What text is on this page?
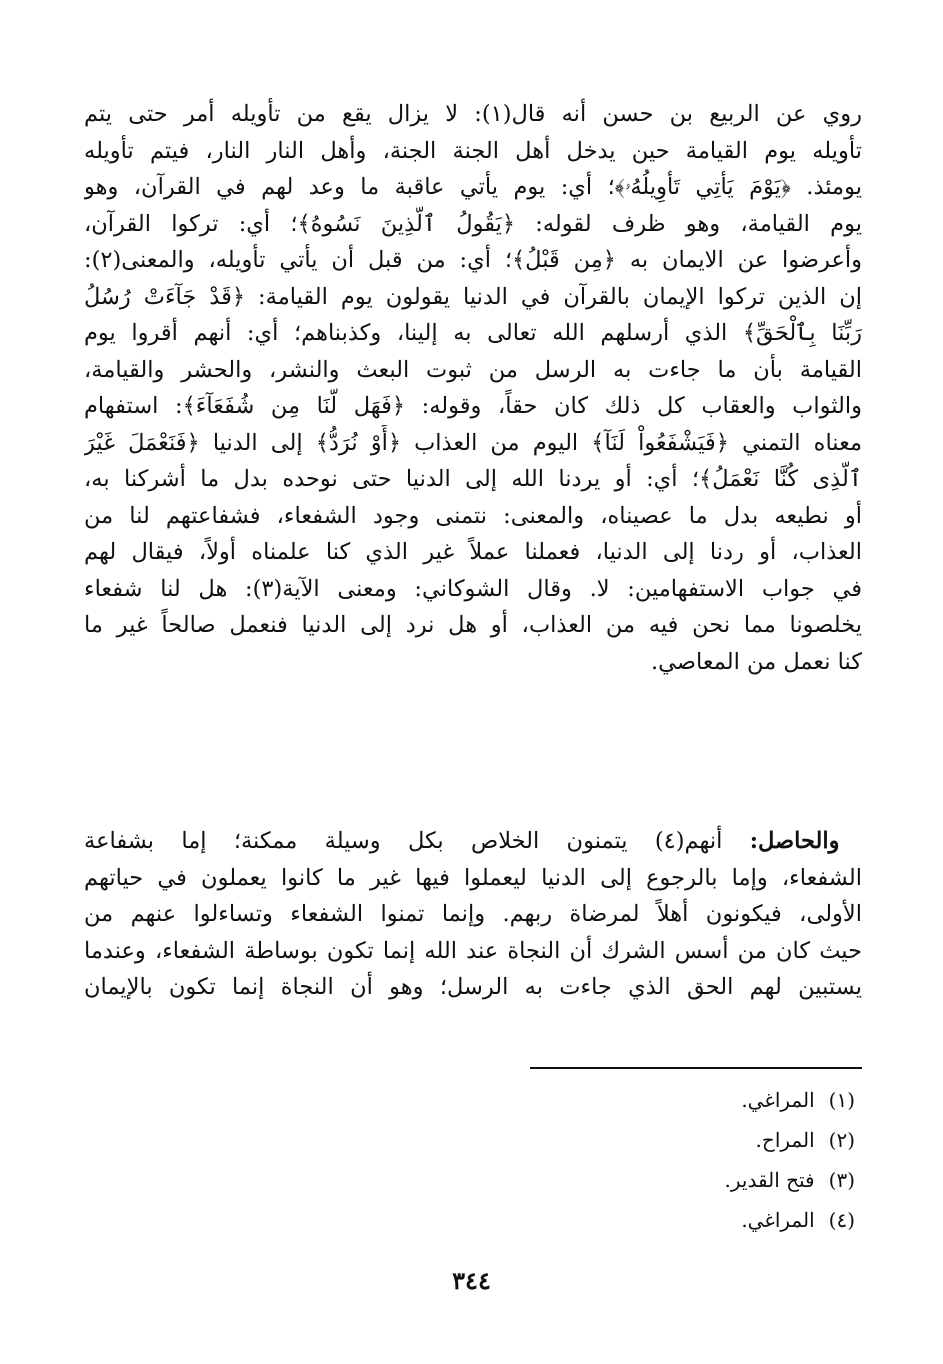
روي عن الربيع بن حسن أنه قال(١): لا يزال يقع من تأويله أمر حتى يتم
تأويله يوم القيامة حين يدخل أهل الجنة الجنة، وأهل النار النار، فيتم تأويله
يومئذ. ﴿يَوْمَ يَأْتِي تَأْوِيلُهُۥ﴾؛ أي: يوم يأتي عاقبة ما وعد لهم في القرآن، وهو
يوم القيامة، وهو ظرف لقوله: ﴿يَقُولُ ٱلَّذِينَ نَسُوهُ﴾؛ أي: تركوا القرآن،
وأعرضوا عن الايمان به ﴿مِن قَبْلُ﴾؛ أي: من قبل أن يأتي تأويله، والمعنى(٢):
إن الذين تركوا الإيمان بالقرآن في الدنيا يقولون يوم القيامة: ﴿قَدْ جَآءَتْ رُسُلُ
رَبِّنَا بِٱلْحَقِّ﴾ الذي أرسلهم الله تعالى به إلينا، وكذبناهم؛ أي: أنهم أقروا يوم
القيامة بأن ما جاءت به الرسل من ثبوت البعث والنشر، والحشر والقيامة،
والثواب والعقاب كل ذلك كان حقاً، وقوله: ﴿فَهَل لَّنَا مِن شُفَعَآءَ﴾: استفهام
معناه التمني ﴿فَيَشْفَعُواْ لَنَآ﴾ اليوم من العذاب ﴿أَوْ نُرَدُّ﴾ إلى الدنيا ﴿فَنَعْمَلَ غَيْرَ
ٱلَّذِى كُنَّا نَعْمَلُ﴾؛ أي: أو يردنا الله إلى الدنيا حتى نوحده بدل ما أشركنا به،
أو نطيعه بدل ما عصيناه، والمعنى: نتمنى وجود الشفعاء، فشفاعتهم لنا من
العذاب، أو ردنا إلى الدنيا، فعملنا عملاً غير الذي كنا علمناه أولاً، فيقال لهم
في جواب الاستفهامين: لا. وقال الشوكاني: ومعنى الآية(٣): هل لنا شفعاء
يخلصونا مما نحن فيه من العذاب، أو هل نرد إلى الدنيا فنعمل صالحاً غير ما
كنا نعمل من المعاصي.
 والحاصل: أنهم(٤) يتمنون الخلاص بكل وسيلة ممكنة؛ إما بشفاعة
الشفعاء، وإما بالرجوع إلى الدنيا ليعملوا فيها غير ما كانوا يعملون في حياتهم
الأولى، فيكونون أهلاً لمرضاة ربهم. وإنما تمنوا الشفعاء وتساءلوا عنهم من
حيث كان من أسس الشرك أن النجاة عند الله إنما تكون بوساطة الشفعاء، وعندما
يستبين لهم الحق الذي جاءت به الرسل؛ وهو أن النجاة إنما تكون بالإيمان
(١)المراغي.
(٢)المراح.
(٣)فتح القدير.
(٤)المراغي.
٣٤٤
